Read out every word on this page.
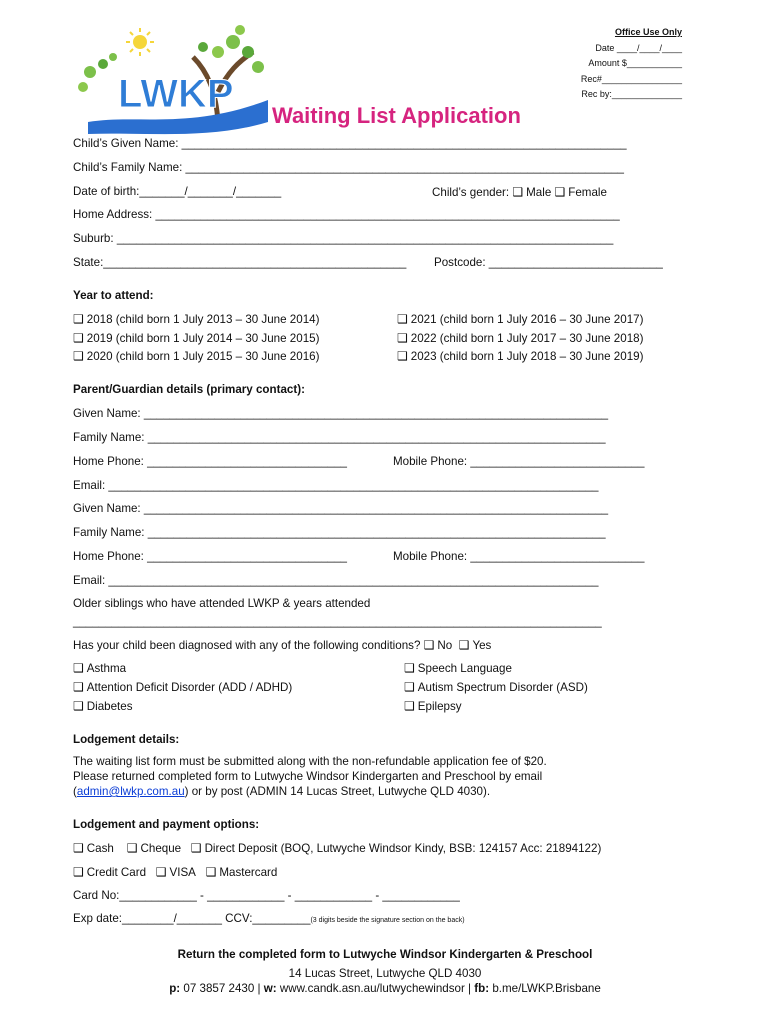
Office Use Only
Date ____/____/____
Amount $___________
Rec#________________
Rec by:______________
LWKP Waiting List Application
Child’s Given Name: _____________________________________________________________________
Child’s Family Name: ____________________________________________________________________
Date of birth:_______/_______/_______	Child’s gender: ❑ Male ❑ Female
Home Address: ________________________________________________________________________
Suburb: _____________________________________________________________________________
State:_______________________________________________ Postcode: ___________________________
Year to attend:
❑ 2018 (child born 1 July 2013 – 30 June 2014)
❑ 2019 (child born 1 July 2014 – 30 June 2015)
❑ 2020 (child born 1 July 2015 – 30 June 2016)
❑ 2021 (child born 1 July 2016 – 30 June 2017)
❑ 2022 (child born 1 July 2017 – 30 June 2018)
❑ 2023 (child born 1 July 2018 – 30 June 2019)
Parent/Guardian details (primary contact):
Given Name: ________________________________________________________________________
Family Name: _______________________________________________________________________
Home Phone: _______________________________	Mobile Phone: ___________________________
Email: ____________________________________________________________________________
Given Name: ________________________________________________________________________
Family Name: _______________________________________________________________________
Home Phone: _______________________________	Mobile Phone: ___________________________
Email: ____________________________________________________________________________
Older siblings who have attended LWKP & years attended
__________________________________________________________________________________
Has your child been diagnosed with any of the following conditions? ❑ No ❑ Yes
❑ Asthma
❑ Attention Deficit Disorder (ADD / ADHD)
❑ Diabetes
❑ Speech Language
❑ Autism Spectrum Disorder (ASD)
❑ Epilepsy
Lodgement details:
The waiting list form must be submitted along with the non-refundable application fee of $20.
Please returned completed form to Lutwyche Windsor Kindergarten and Preschool by email
(admin@lwkp.com.au) or by post (ADMIN 14 Lucas Street, Lutwyche QLD 4030).
Lodgement and payment options:
❑ Cash ❑ Cheque ❑ Direct Deposit (BOQ, Lutwyche Windsor Kindy, BSB: 124157 Acc: 21894122)
❑ Credit Card ❑ VISA ❑ Mastercard
Card No:____________ - ____________ - ____________ - ____________
Exp date:________/_______ CCV:_________(3 digits beside the signature section on the back)
Return the completed form to Lutwyche Windsor Kindergarten & Preschool
14 Lucas Street, Lutwyche QLD 4030
p: 07 3857 2430 | w: www.candk.asn.au/lutwychewindsor | fb: b.me/LWKP.Brisbane
